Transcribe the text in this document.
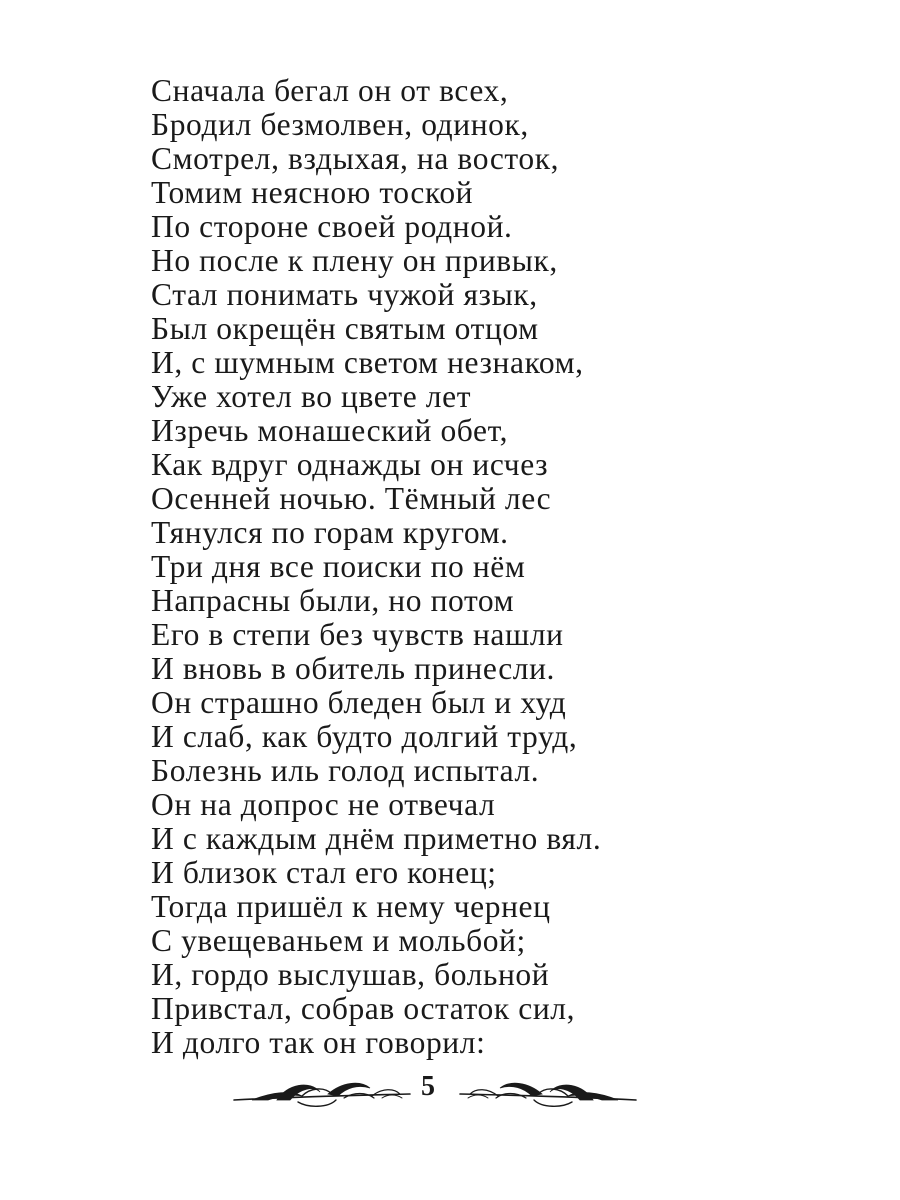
Сначала бегал он от всех,
Бродил безмолвен, одинок,
Смотрел, вздыхая, на восток,
Томим неясною тоской
По стороне своей родной.
Но после к плену он привык,
Стал понимать чужой язык,
Был окрещён святым отцом
И, с шумным светом незнаком,
Уже хотел во цвете лет
Изречь монашеский обет,
Как вдруг однажды он исчез
Осенней ночью. Тёмный лес
Тянулся по горам кругом.
Три дня все поиски по нём
Напрасны были, но потом
Его в степи без чувств нашли
И вновь в обитель принесли.
Он страшно бледен был и худ
И слаб, как будто долгий труд,
Болезнь иль голод испытал.
Он на допрос не отвечал
И с каждым днём приметно вял.
И близок стал его конец;
Тогда пришёл к нему чернец
С увещеваньем и мольбой;
И, гордо выслушав, больной
Привстал, собрав остаток сил,
И долго так он говорил:
5
